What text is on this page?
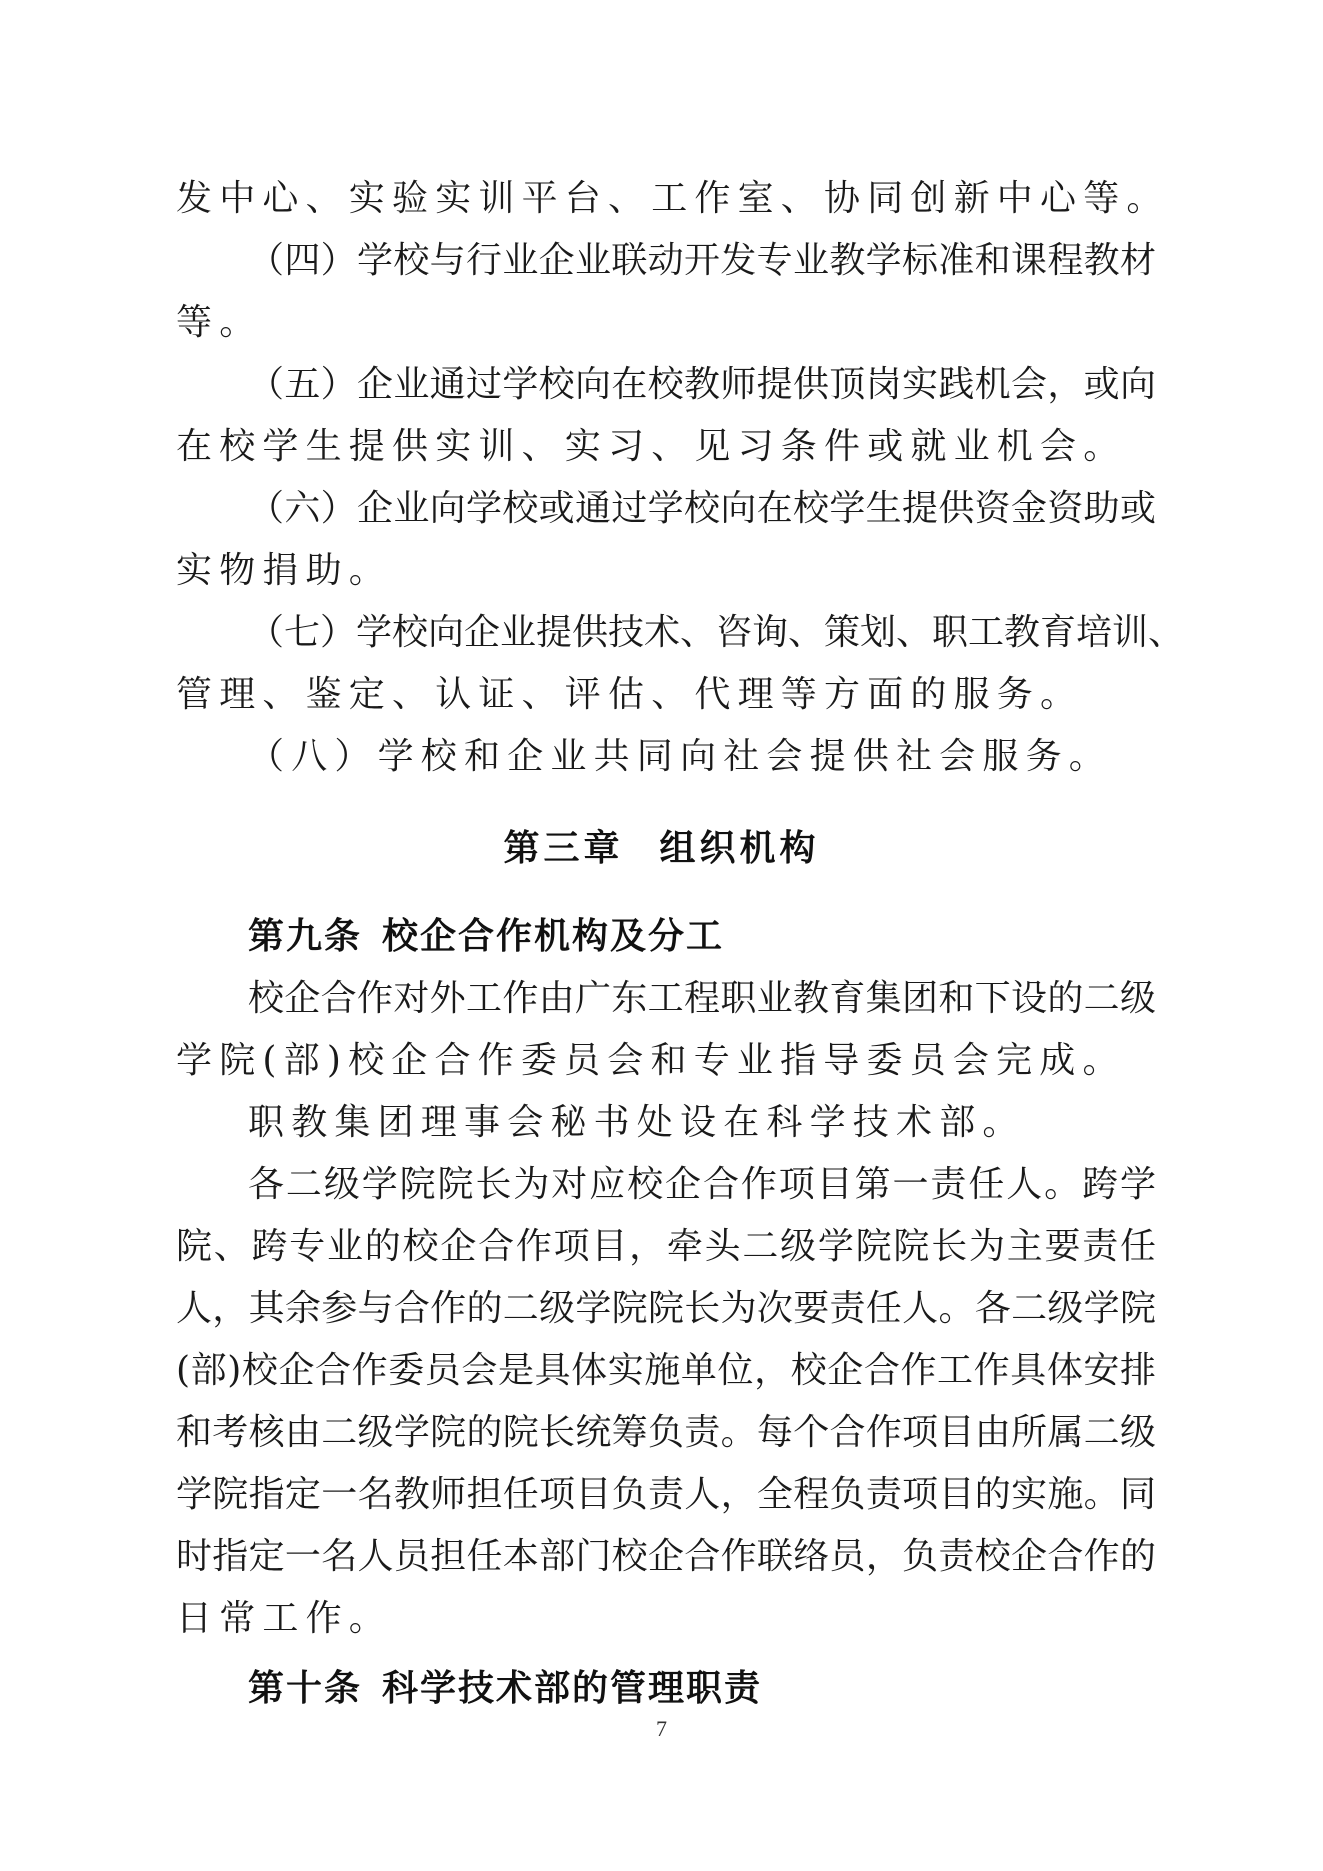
发中心、实验实训平台、工作室、协同创新中心等。
（四）学校与行业企业联动开发专业教学标准和课程教材
等。
（五）企业通过学校向在校教师提供顶岗实践机会，或向
在校学生提供实训、实习、见习条件或就业机会。
（六）企业向学校或通过学校向在校学生提供资金资助或
实物捐助。
（七）学校向企业提供技术、咨询、策划、职工教育培训、
管理、鉴定、认证、评估、代理等方面的服务。
（八）学校和企业共同向社会提供社会服务。
第三章 组织机构
第九条 校企合作机构及分工
校企合作对外工作由广东工程职业教育集团和下设的二级
学院(部)校企合作委员会和专业指导委员会完成。
职教集团理事会秘书处设在科学技术部。
各二级学院院长为对应校企合作项目第一责任人。跨学
院、跨专业的校企合作项目，牵头二级学院院长为主要责任
人，其余参与合作的二级学院院长为次要责任人。各二级学院
(部)校企合作委员会是具体实施单位，校企合作工作具体安排
和考核由二级学院的院长统筹负责。每个合作项目由所属二级
学院指定一名教师担任项目负责人，全程负责项目的实施。同
时指定一名人员担任本部门校企合作联络员，负责校企合作的
日常工作。
第十条 科学技术部的管理职责
7
